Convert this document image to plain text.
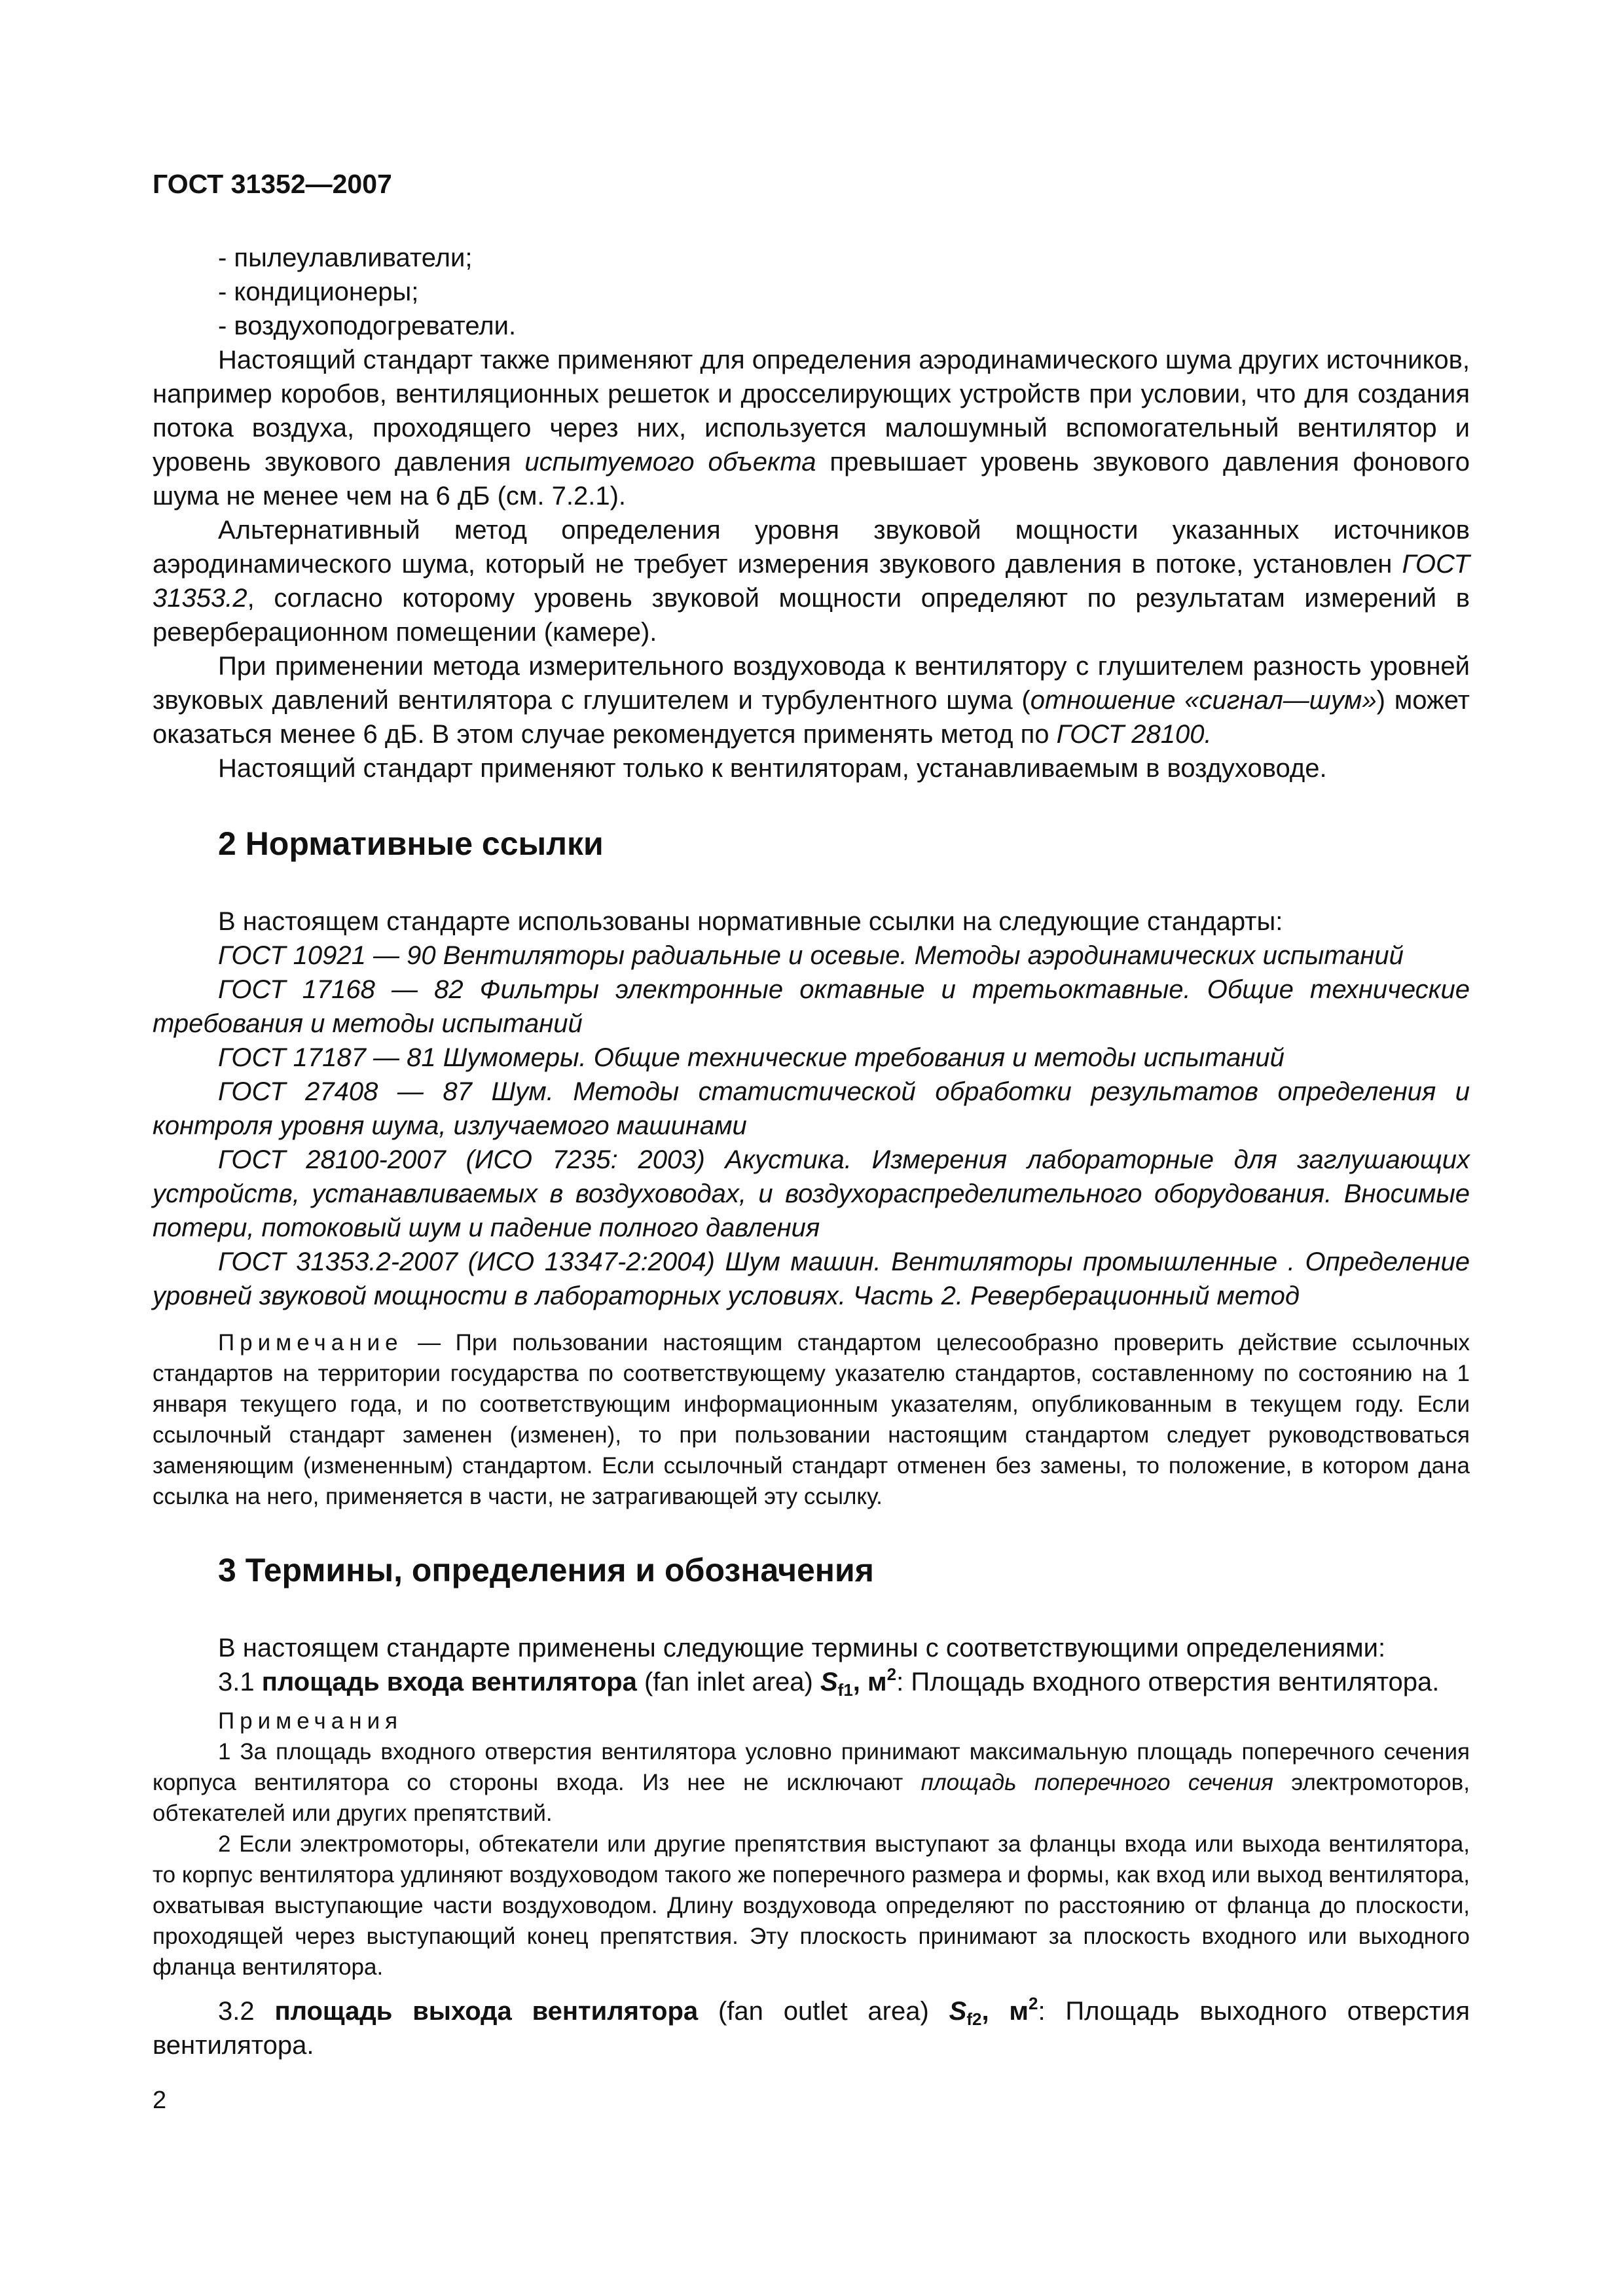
ГОСТ 31352—2007

- пылеулавливатели;

- кондиционеры;

- воздухоподогреватели.

Настоящий стандарт также применяют для определения аэродинамического шума других источников, например коробов, вентиляционных решеток и дросселирующих устройств при условии, что для создания потока воздуха, проходящего через них, используется малошумный вспомогательный вентилятор и уровень звукового давления испытуемого объекта превышает уровень звукового давления фонового шума не менее чем на 6 дБ (см. 7.2.1).

Альтернативный метод определения уровня звуковой мощности указанных источников аэродинамического шума, который не требует измерения звукового давления в потоке, установлен ГОСТ 31353.2, согласно которому уровень звуковой мощности определяют по результатам измерений в реверберационном помещении (камере).

При применении метода измерительного воздуховода к вентилятору с глушителем разность уровней звуковых давлений вентилятора с глушителем и турбулентного шума (отношение «сигнал—шум») может оказаться менее 6 дБ. В этом случае рекомендуется применять метод по ГОСТ 28100.

Настоящий стандарт применяют только к вентиляторам, устанавливаемым в воздуховоде.

2 Нормативные ссылки

В настоящем стандарте использованы нормативные ссылки на следующие стандарты:

ГОСТ 10921 — 90 Вентиляторы радиальные и осевые. Методы аэродинамических испытаний

ГОСТ 17168 — 82 Фильтры электронные октавные и третьоктавные. Общие технические требования и методы испытаний

ГОСТ 17187 — 81 Шумомеры. Общие технические требования и методы испытаний

ГОСТ 27408 — 87 Шум. Методы статистической обработки результатов определения и контроля уровня шума, излучаемого машинами

ГОСТ 28100-2007 (ИСО 7235: 2003) Акустика. Измерения лабораторные для заглушающих устройств, устанавливаемых в воздуховодах, и воздухораспределительного оборудования. Вносимые потери, потоковый шум и падение полного давления

ГОСТ 31353.2-2007 (ИСО 13347-2:2004) Шум машин. Вентиляторы промышленные . Определение уровней звуковой мощности в лабораторных условиях. Часть 2. Реверберационный метод

Примечание — При пользовании настоящим стандартом целесообразно проверить действие ссылочных стандартов на территории государства по соответствующему указателю стандартов, составленному по состоянию на 1 января текущего года, и по соответствующим информационным указателям, опубликованным в текущем году. Если ссылочный стандарт заменен (изменен), то при пользовании настоящим стандартом следует руководствоваться заменяющим (измененным) стандартом. Если ссылочный стандарт отменен без замены, то положение, в котором дана ссылка на него, применяется в части, не затрагивающей эту ссылку.

3 Термины, определения и обозначения

В настоящем стандарте применены следующие термины с соответствующими определениями:

3.1 площадь входа вентилятора (fan inlet area) $S_{f1}$, $м^2$: Площадь входного отверстия вентилятора.

Примечания

1 За площадь входного отверстия вентилятора условно принимают максимальную площадь поперечного сечения корпуса вентилятора со стороны входа. Из нее не исключают площадь поперечного сечения электромоторов, обтекателей или других препятствий.

2 Если электромоторы, обтекатели или другие препятствия выступают за фланцы входа или выхода вентилятора, то корпус вентилятора удлиняют воздуховодом такого же поперечного размера и формы, как вход или выход вентилятора, охватывая выступающие части воздуховодом. Длину воздуховода определяют по расстоянию от фланца до плоскости, проходящей через выступающий конец препятствия. Эту плоскость принимают за плоскость входного или выходного фланца вентилятора.

3.2 площадь выхода вентилятора (fan outlet area) $S_{f2}$, $м^2$: Площадь выходного отверстия вентилятора.

2
